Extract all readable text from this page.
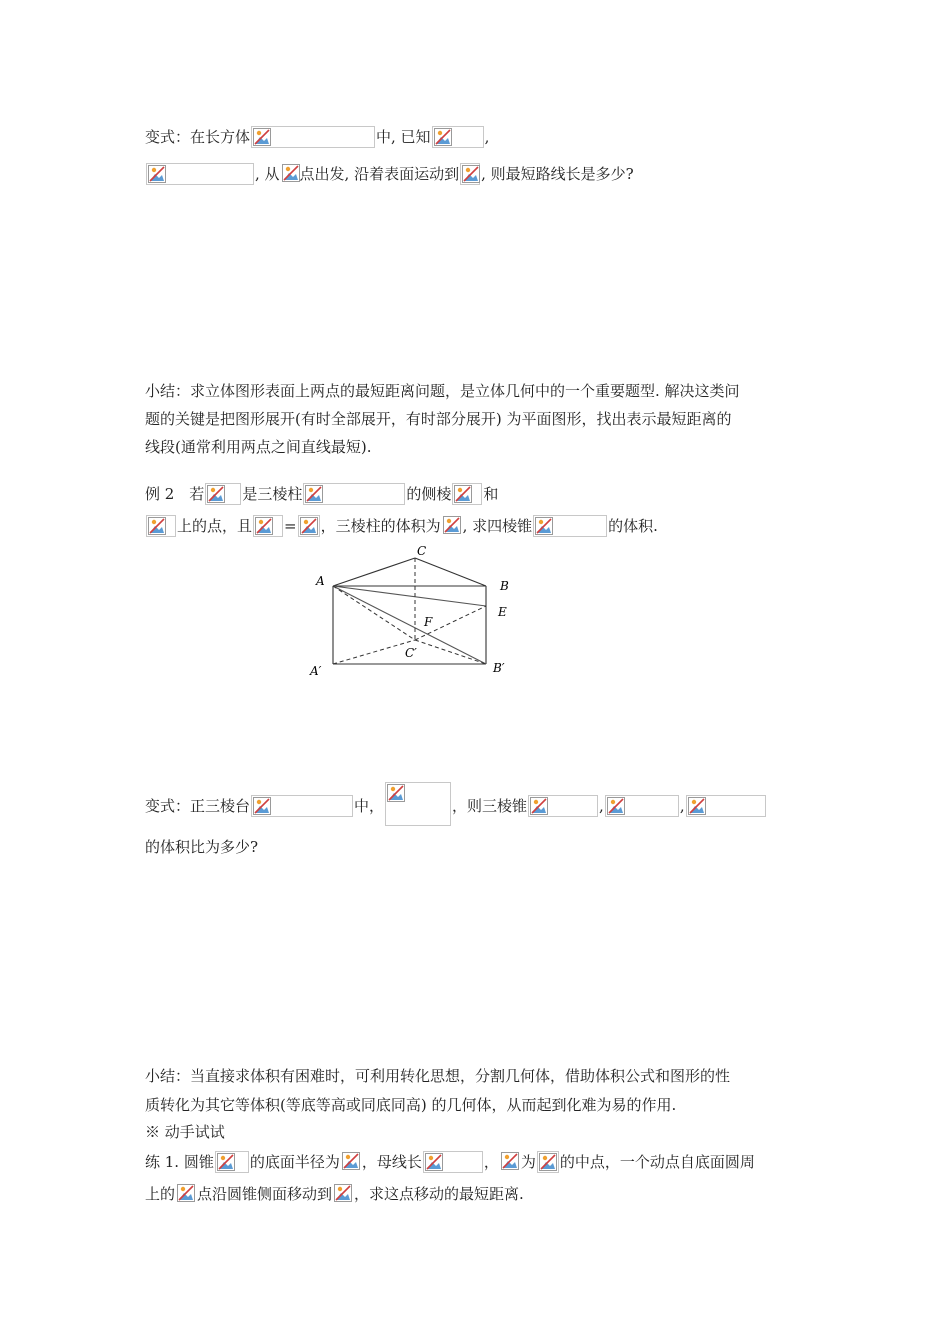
变式：在长方体	中, 已知	,
, 从 点出发, 沿着表面运动到 , 则最短路线长是多少?
小结：求立体图形表面上两点的最短距离问题，是立体几何中的一个重要题型. 解决这类问
题的关键是把图形展开(有时全部展开，有时部分展开) 为平面图形，找出表示最短距离的
线段(通常利用两点之间直线最短).
例 2　若	是三棱柱	的侧棱 和
上的点，且 = ，三棱柱的体积为 , 求四棱锥	的体积.
C
A	B
E
F
C′
A′	B′
变式：正三棱台	中，	，则三棱锥	,	,
的体积比为多少?
小结：当直接求体积有困难时，可利用转化思想，分割几何体，借助体积公式和图形的性
质转化为其它等体积(等底等高或同底同高) 的几何体，从而起到化难为易的作用.
※ 动手试试
练 1. 圆锥 的底面半径为 ，母线长	， 为 的中点，一个动点自底面圆周
上的 点沿圆锥侧面移动到 ，求这点移动的最短距离.
